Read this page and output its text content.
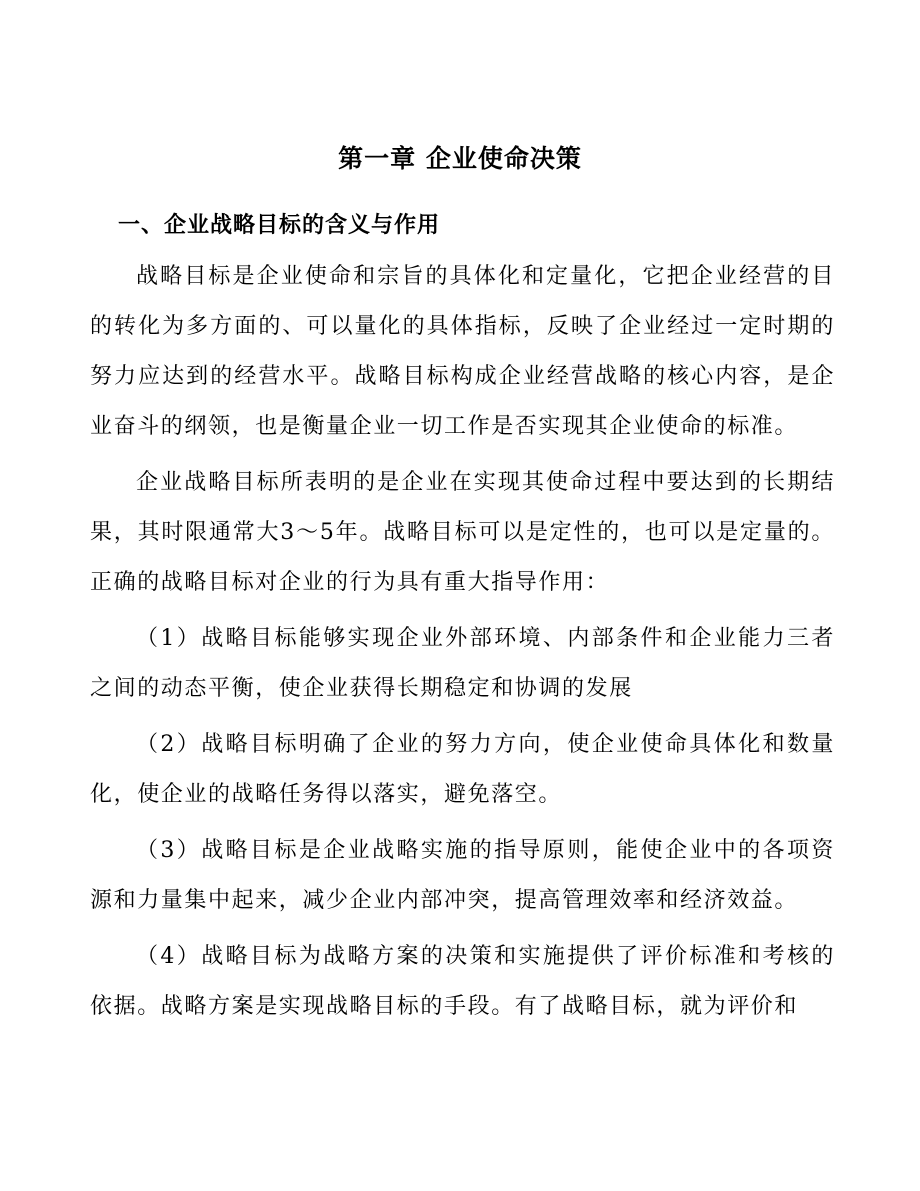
第一章 企业使命决策
一、企业战略目标的含义与作用

战略目标是企业使命和宗旨的具体化和定量化，它把企业经营的目的转化为多方面的、可以量化的具体指标，反映了企业经过一定时期的努力应达到的经营水平。战略目标构成企业经营战略的核心内容，是企业奋斗的纲领，也是衡量企业一切工作是否实现其企业使命的标准。

企业战略目标所表明的是企业在实现其使命过程中要达到的长期结果，其时限通常大3～5年。战略目标可以是定性的，也可以是定量的。正确的战略目标对企业的行为具有重大指导作用：

（1）战略目标能够实现企业外部环境、内部条件和企业能力三者之间的动态平衡，使企业获得长期稳定和协调的发展

（2）战略目标明确了企业的努力方向，使企业使命具体化和数量化，使企业的战略任务得以落实，避免落空。

（3）战略目标是企业战略实施的指导原则，能使企业中的各项资源和力量集中起来，减少企业内部冲突，提高管理效率和经济效益。

（4）战略目标为战略方案的决策和实施提供了评价标准和考核的依据。战略方案是实现战略目标的手段。有了战略目标，就为评价和
